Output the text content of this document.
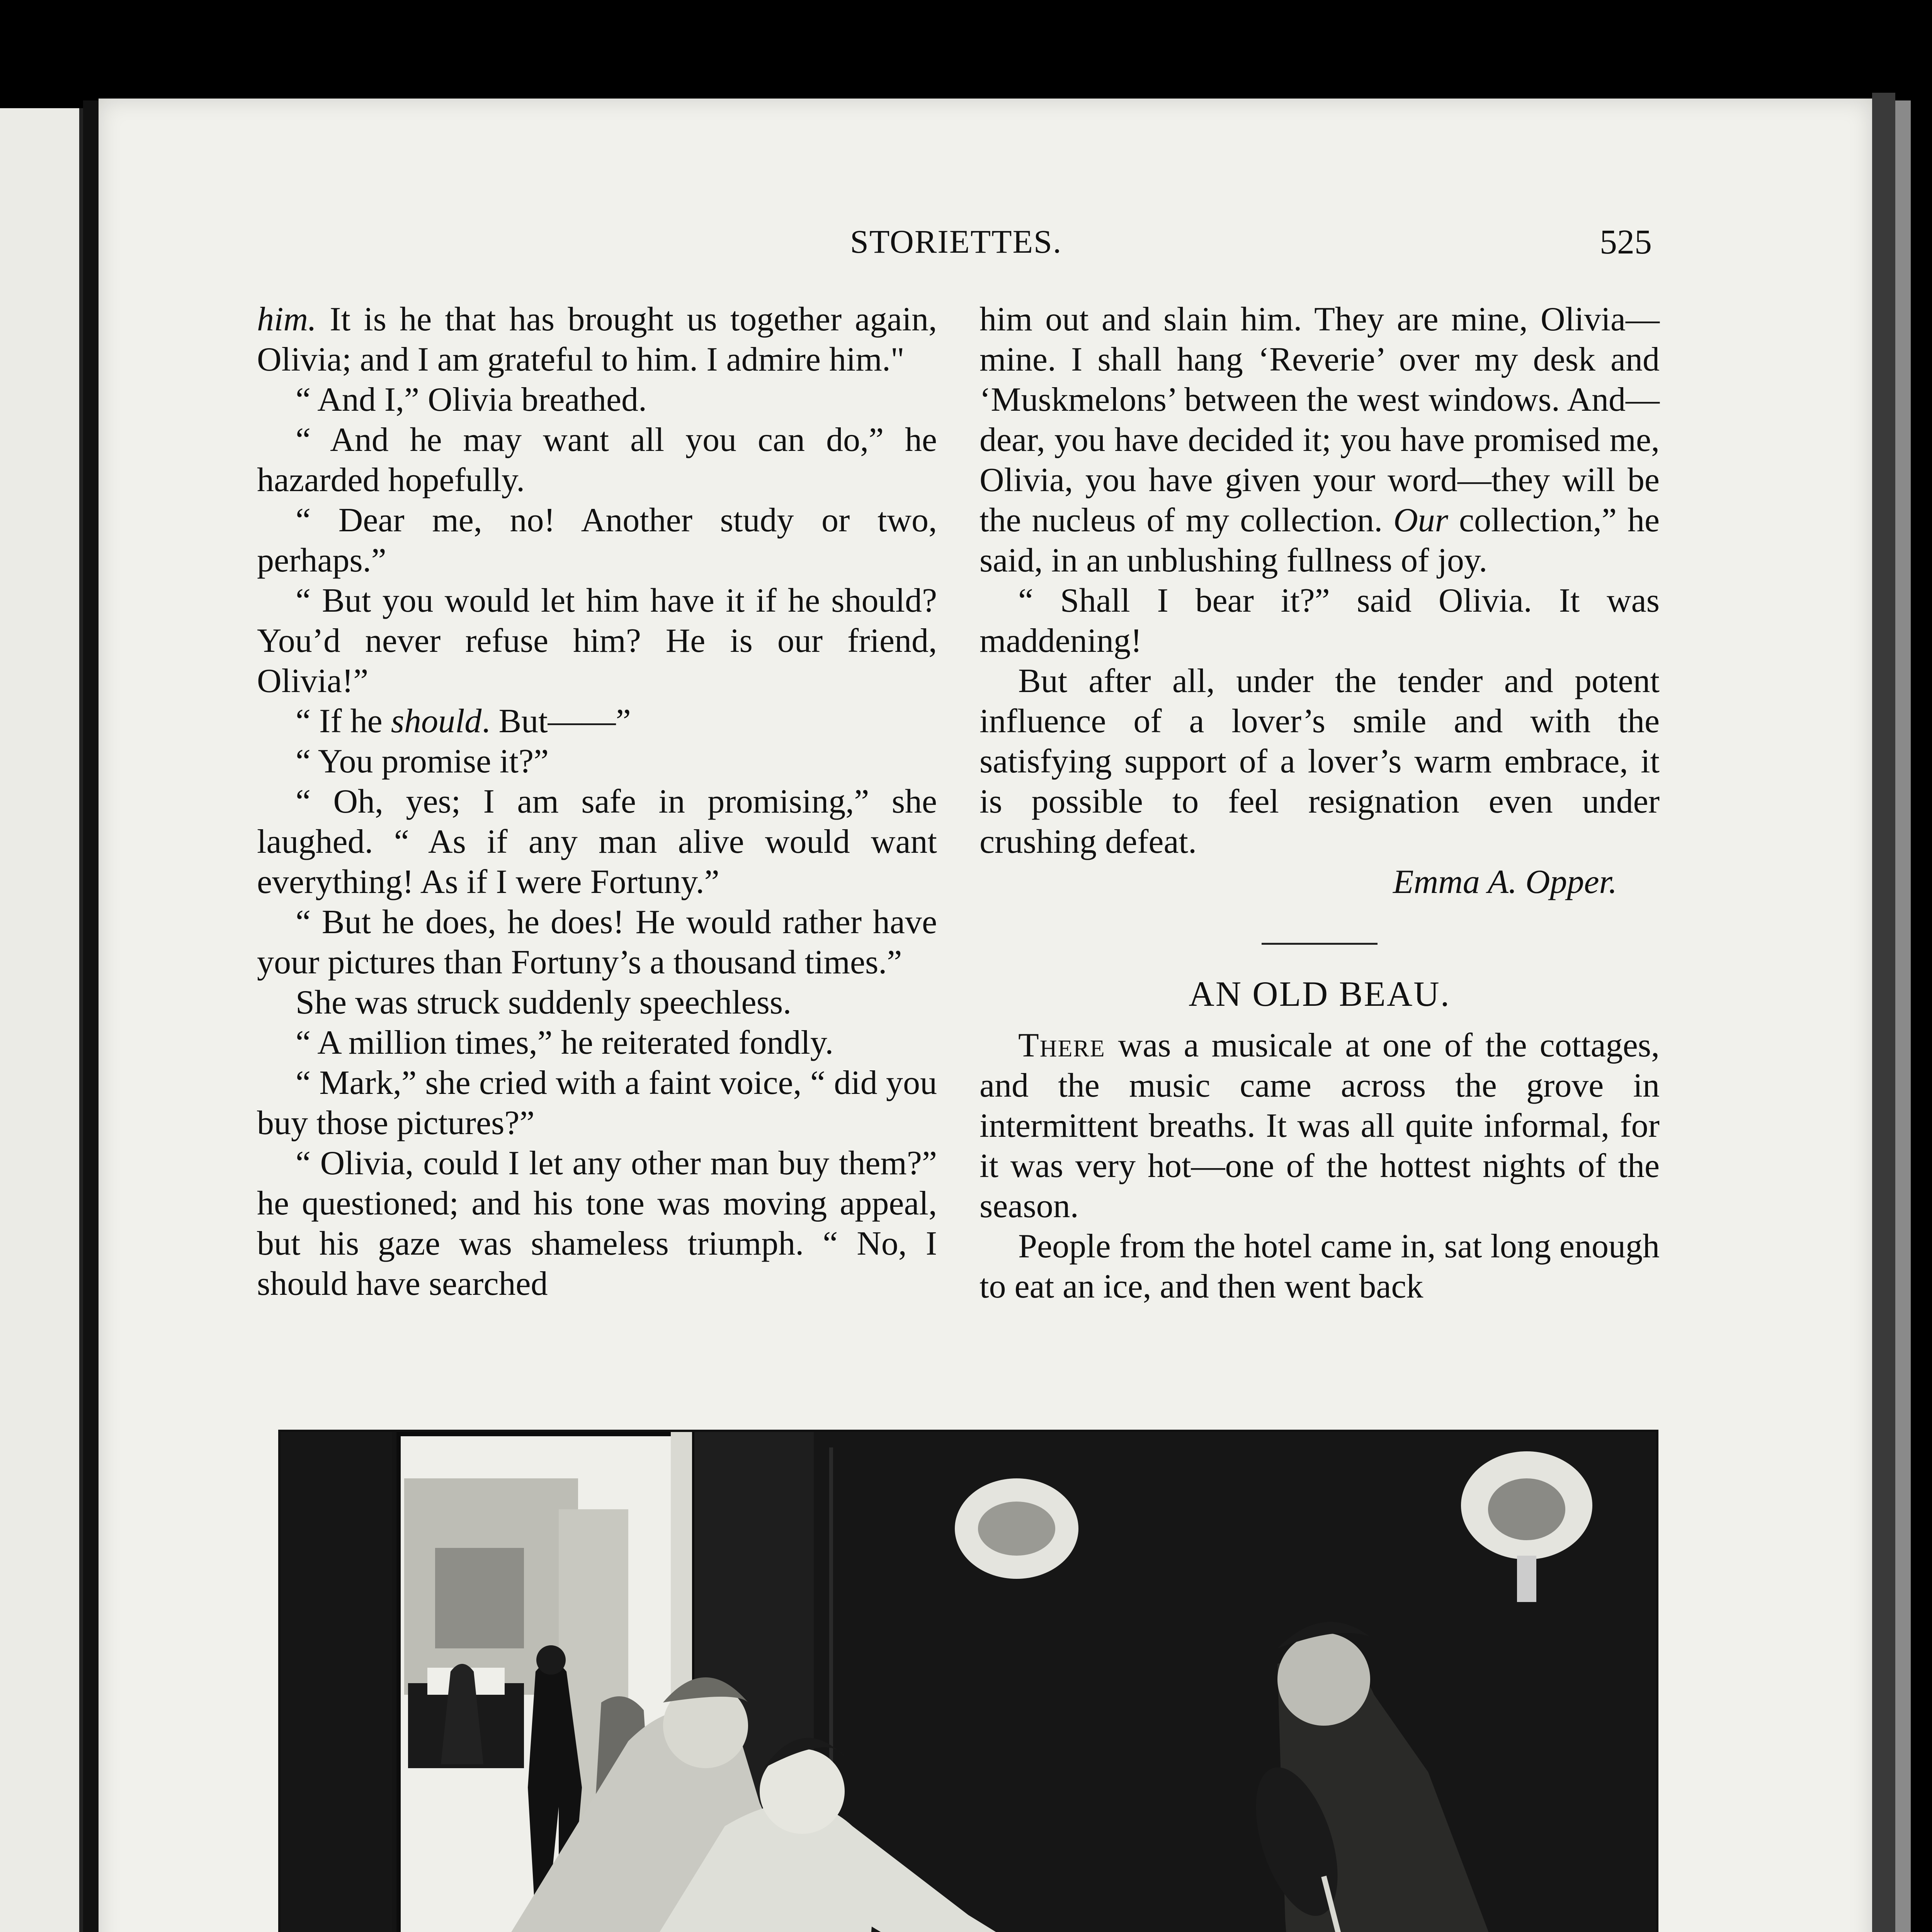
STORIETTES.	525

him. It is he that has brought us together again, Olivia; and I am grateful to him. I admire him."

“ And I,” Olivia breathed.

“ And he may want all you can do,” he hazarded hopefully.

“ Dear me, no! Another study or two, perhaps.”

“ But you would let him have it if he should? You’d never refuse him? He is our friend, Olivia!”

“ If he should. But——”

“ You promise it?”

“ Oh, yes; I am safe in promising,” she laughed. “ As if any man alive would want everything! As if I were Fortuny.”

“ But he does, he does! He would rather have your pictures than Fortuny’s a thousand times.”

She was struck suddenly speechless.

“ A million times,” he reiterated fondly.

“ Mark,” she cried with a faint voice, “ did you buy those pictures?”

“ Olivia, could I let any other man buy them?” he questioned; and his tone was moving appeal, but his gaze was shameless triumph. “ No, I should have searched

him out and slain him. They are mine, Olivia—mine. I shall hang ‘Reverie’ over my desk and ‘Muskmelons’ between the west windows. And—dear, you have decided it; you have promised me, Olivia, you have given your word—they will be the nucleus of my collection. Our collection,” he said, in an unblushing fullness of joy.

“ Shall I bear it?” said Olivia. It was maddening!

But after all, under the tender and potent influence of a lover’s smile and with the satisfying support of a lover’s warm embrace, it is possible to feel resignation even under crushing defeat.

Emma A. Opper.

AN OLD BEAU.

There was a musicale at one of the cottages, and the music came across the grove in intermittent breaths. It was all quite informal, for it was very hot—one of the hottest nights of the season.

People from the hotel came in, sat long enough to eat an ice, and then went back
